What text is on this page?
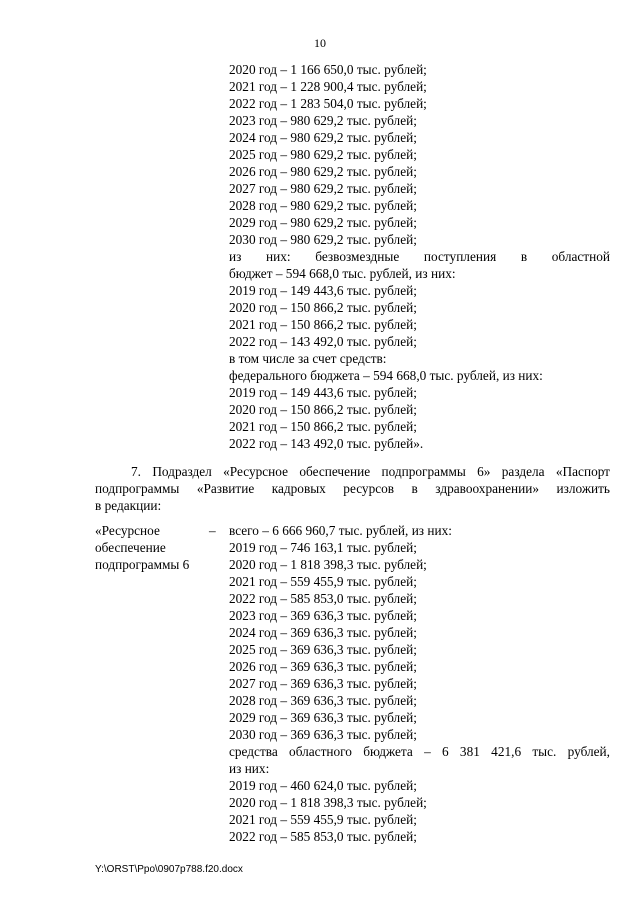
10
2020 год – 1 166 650,0 тыс. рублей;
2021 год – 1 228 900,4 тыс. рублей;
2022 год – 1 283 504,0 тыс. рублей;
2023 год – 980 629,2 тыс. рублей;
2024 год – 980 629,2 тыс. рублей;
2025 год – 980 629,2 тыс. рублей;
2026 год – 980 629,2 тыс. рублей;
2027 год – 980 629,2 тыс. рублей;
2028 год – 980 629,2 тыс. рублей;
2029 год – 980 629,2 тыс. рублей;
2030 год – 980 629,2 тыс. рублей;
из них: безвозмездные поступления в областной
бюджет – 594 668,0 тыс. рублей, из них:
2019 год – 149 443,6 тыс. рублей;
2020 год – 150 866,2 тыс. рублей;
2021 год – 150 866,2 тыс. рублей;
2022 год – 143 492,0 тыс. рублей;
в том числе за счет средств:
федерального бюджета – 594 668,0 тыс. рублей, из них:
2019 год – 149 443,6 тыс. рублей;
2020 год – 150 866,2 тыс. рублей;
2021 год – 150 866,2 тыс. рублей;
2022 год – 143 492,0 тыс. рублей».
7. Подраздел «Ресурсное обеспечение подпрограммы 6» раздела «Паспорт
подпрограммы «Развитие кадровых ресурсов в здравоохранении» изложить
в редакции:
«Ресурсное
обеспечение
подпрограммы 6
– всего – 6 666 960,7 тыс. рублей, из них:
2019 год – 746 163,1 тыс. рублей;
2020 год – 1 818 398,3 тыс. рублей;
2021 год – 559 455,9 тыс. рублей;
2022 год – 585 853,0 тыс. рублей;
2023 год – 369 636,3 тыс. рублей;
2024 год – 369 636,3 тыс. рублей;
2025 год – 369 636,3 тыс. рублей;
2026 год – 369 636,3 тыс. рублей;
2027 год – 369 636,3 тыс. рублей;
2028 год – 369 636,3 тыс. рублей;
2029 год – 369 636,3 тыс. рублей;
2030 год – 369 636,3 тыс. рублей;
средства областного бюджета – 6 381 421,6 тыс. рублей,
из них:
2019 год – 460 624,0 тыс. рублей;
2020 год – 1 818 398,3 тыс. рублей;
2021 год – 559 455,9 тыс. рублей;
2022 год – 585 853,0 тыс. рублей;
Y:\ORST\Ppo\0907p788.f20.docx
